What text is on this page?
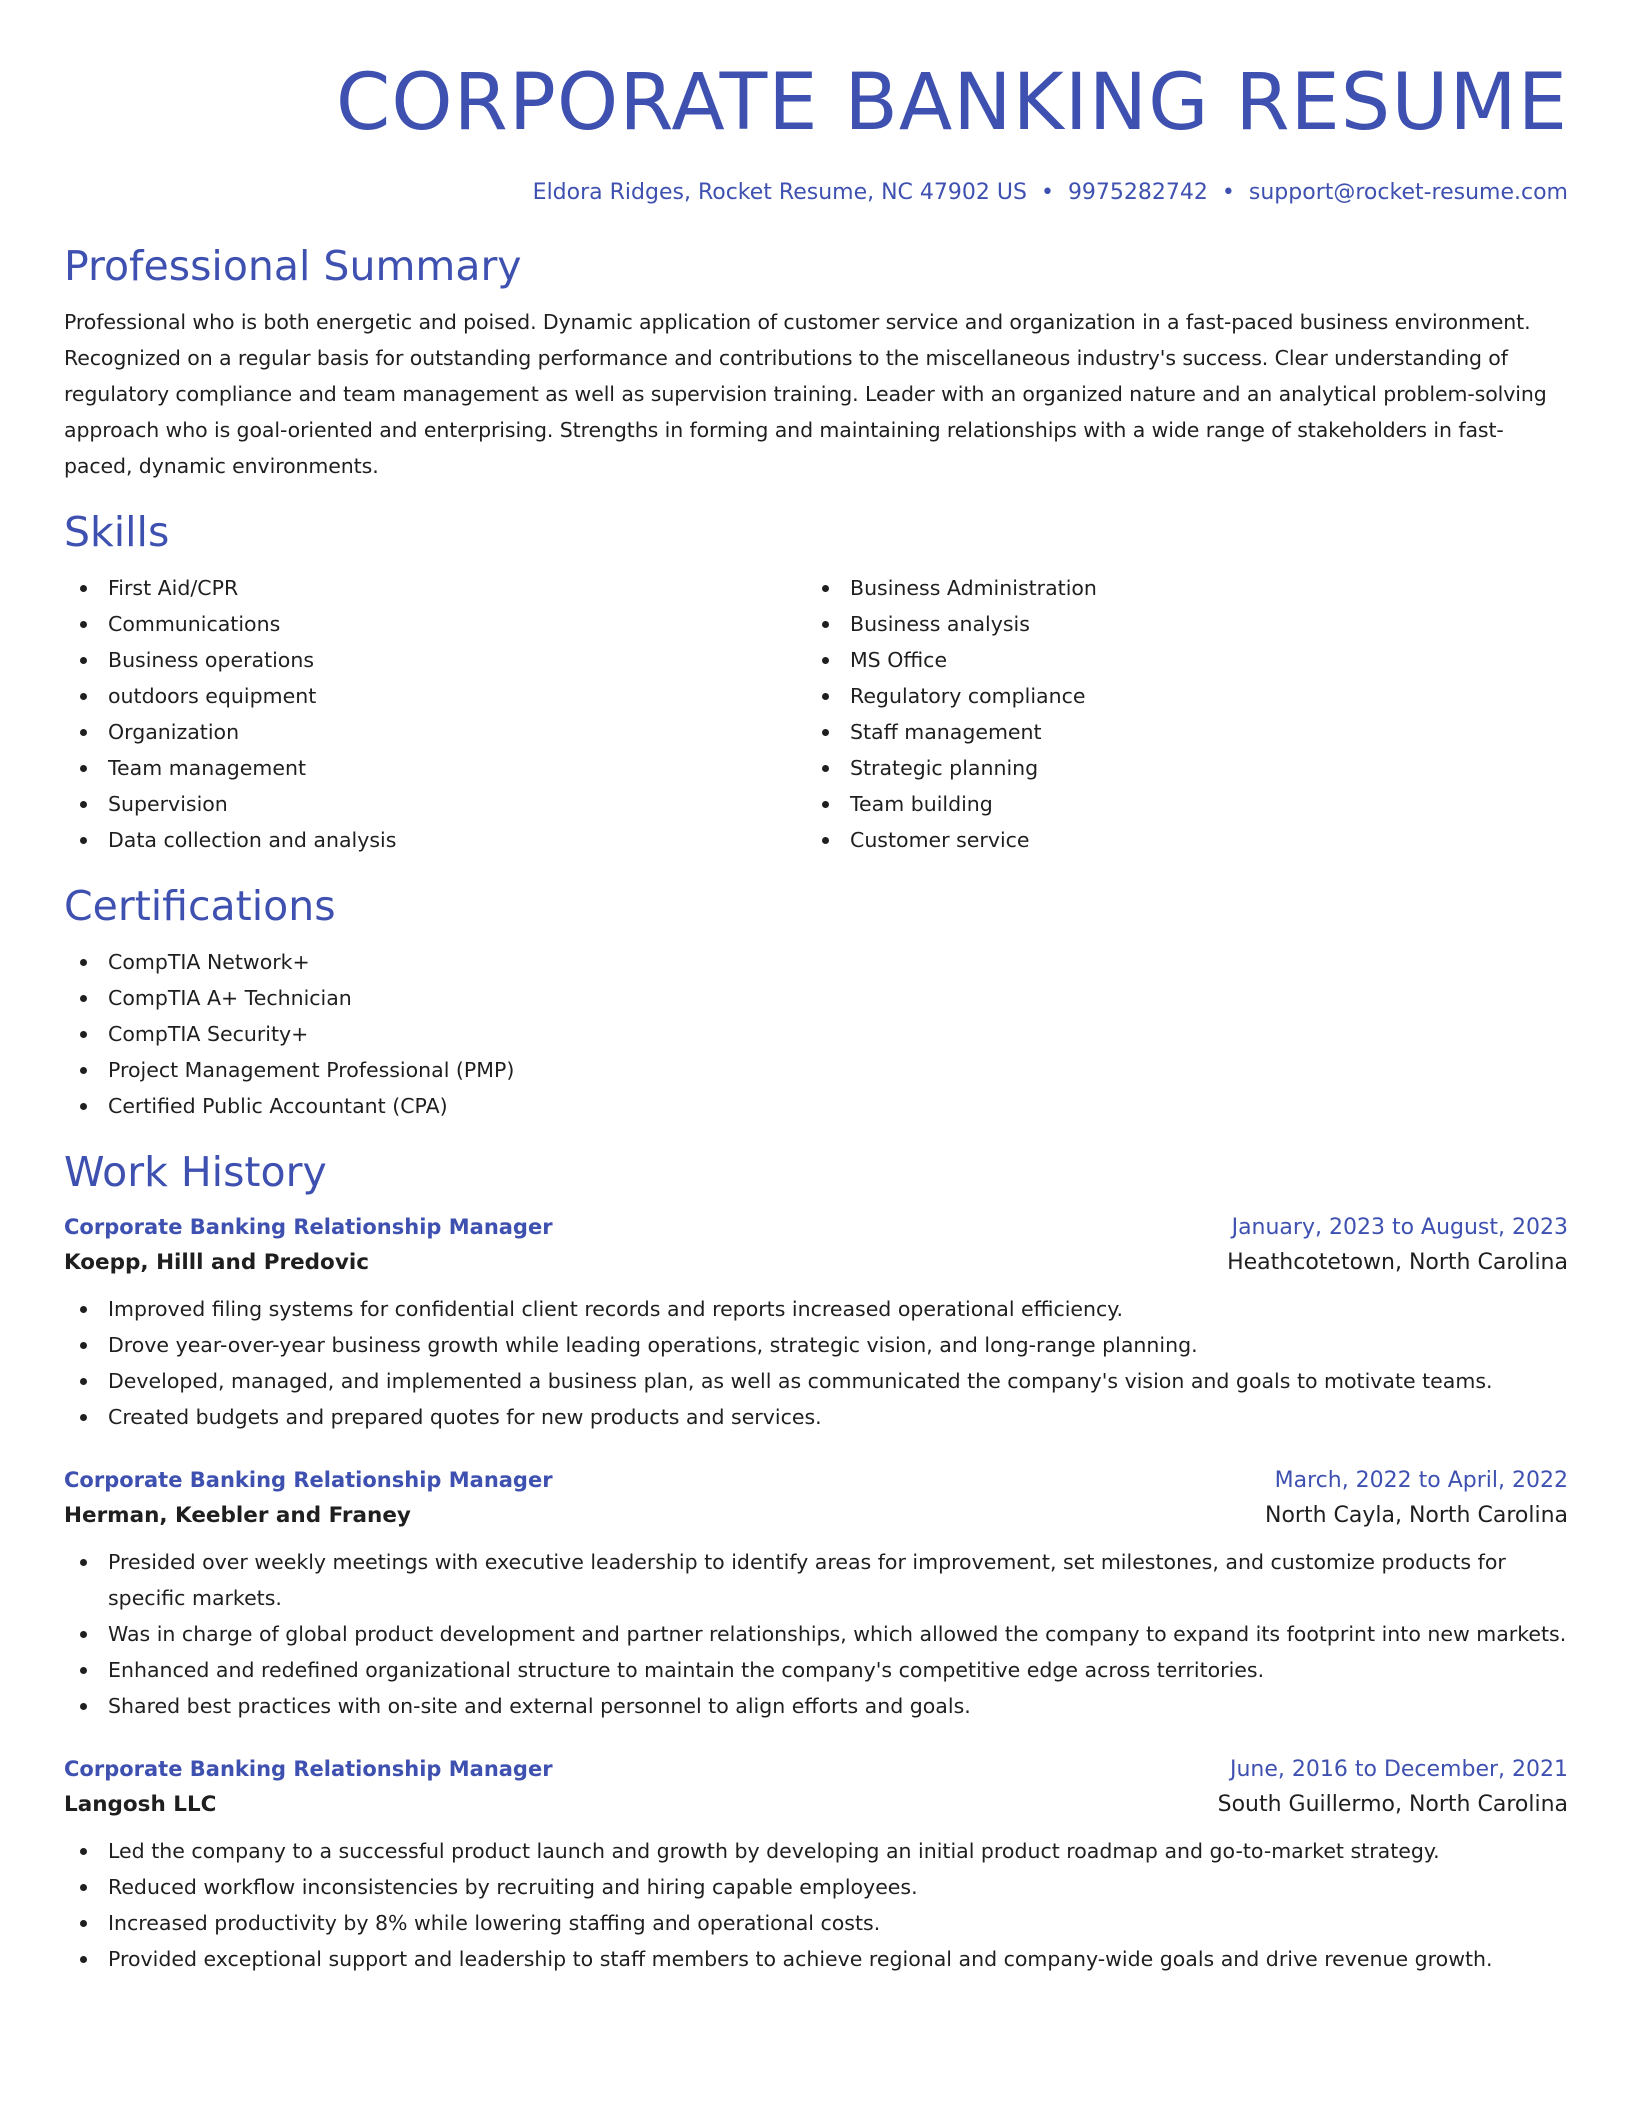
CORPORATE BANKING RESUME
Eldora Ridges, Rocket Resume, NC 47902 US • 9975282742 • support@rocket-resume.com
Professional Summary

Professional who is both energetic and poised. Dynamic application of customer service and organization in a fast-paced business environment. Recognized on a regular basis for outstanding performance and contributions to the miscellaneous industry's success. Clear understanding of regulatory compliance and team management as well as supervision training. Leader with an organized nature and an analytical problem-solving approach who is goal-oriented and enterprising. Strengths in forming and maintaining relationships with a wide range of stakeholders in fast-paced, dynamic environments.

Skills
First Aid/CPR
Communications
Business operations
outdoors equipment
Organization
Team management
Supervision
Data collection and analysis
Business Administration
Business analysis
MS Office
Regulatory compliance
Staff management
Strategic planning
Team building
Customer service
Certifications
CompTIA Network+
CompTIA A+ Technician
CompTIA Security+
Project Management Professional (PMP)
Certified Public Accountant (CPA)
Work History
Corporate Banking Relationship Manager	January, 2023 to August, 2023
Koepp, Hilll and Predovic	Heathcotetown, North Carolina
Improved filing systems for confidential client records and reports increased operational efficiency.
Drove year-over-year business growth while leading operations, strategic vision, and long-range planning.
Developed, managed, and implemented a business plan, as well as communicated the company's vision and goals to motivate teams.
Created budgets and prepared quotes for new products and services.
Corporate Banking Relationship Manager	March, 2022 to April, 2022
Herman, Keebler and Franey	North Cayla, North Carolina
Presided over weekly meetings with executive leadership to identify areas for improvement, set milestones, and customize products for specific markets.
Was in charge of global product development and partner relationships, which allowed the company to expand its footprint into new markets.
Enhanced and redefined organizational structure to maintain the company's competitive edge across territories.
Shared best practices with on-site and external personnel to align efforts and goals.
Corporate Banking Relationship Manager	June, 2016 to December, 2021
Langosh LLC	South Guillermo, North Carolina
Led the company to a successful product launch and growth by developing an initial product roadmap and go-to-market strategy.
Reduced workflow inconsistencies by recruiting and hiring capable employees.
Increased productivity by 8% while lowering staffing and operational costs.
Provided exceptional support and leadership to staff members to achieve regional and company-wide goals and drive revenue growth.
